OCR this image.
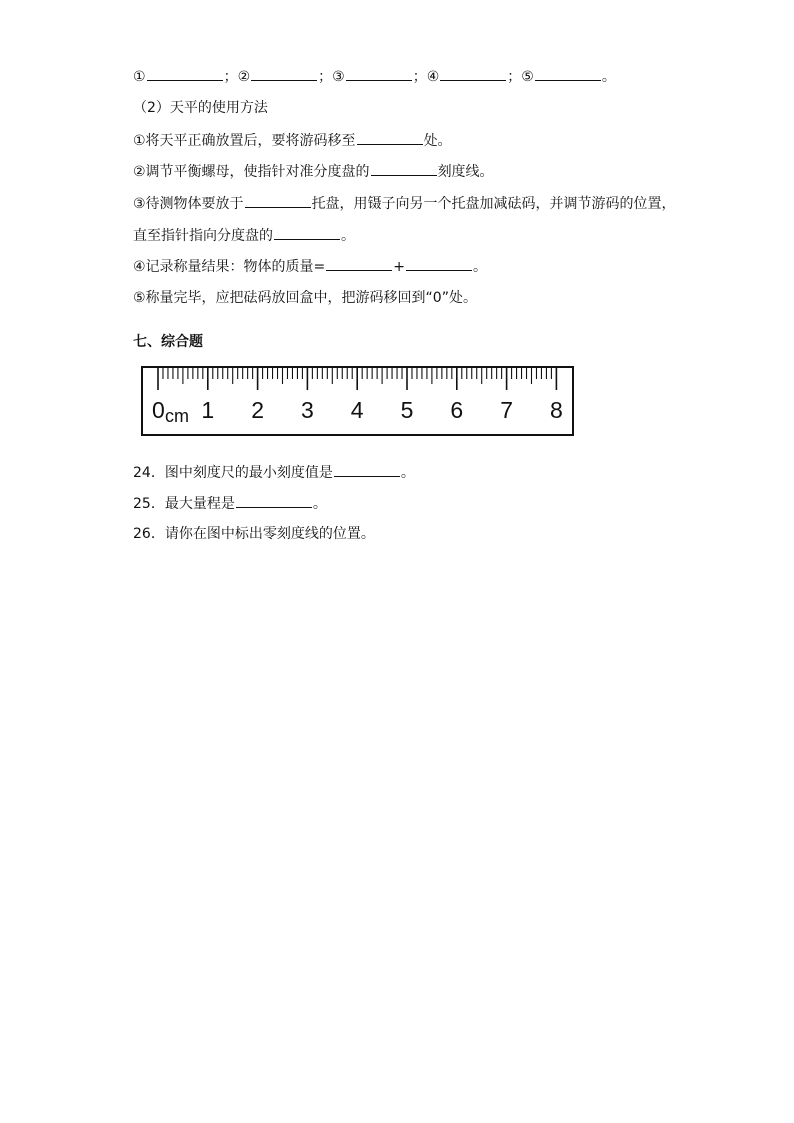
①	；②	；③	；④	；⑤	。
（2）天平的使用方法
①将天平正确放置后，要将游码移至	处。
②调节平衡螺母，使指针对准分度盘的	刻度线。
③待测物体要放于	托盘，用镊子向另一个托盘加减砝码，并调节游码的位置，
直至指针指向分度盘的	。
④记录称量结果：物体的质量=	+	。
⑤称量完毕，应把砝码放回盒中，把游码移回到“0”处。
七、综合题
0 cm 1 2 3 4 5 6 7 8
24．图中刻度尺的最小刻度值是	。
25．最大量程是	。
26．请你在图中标出零刻度线的位置。
